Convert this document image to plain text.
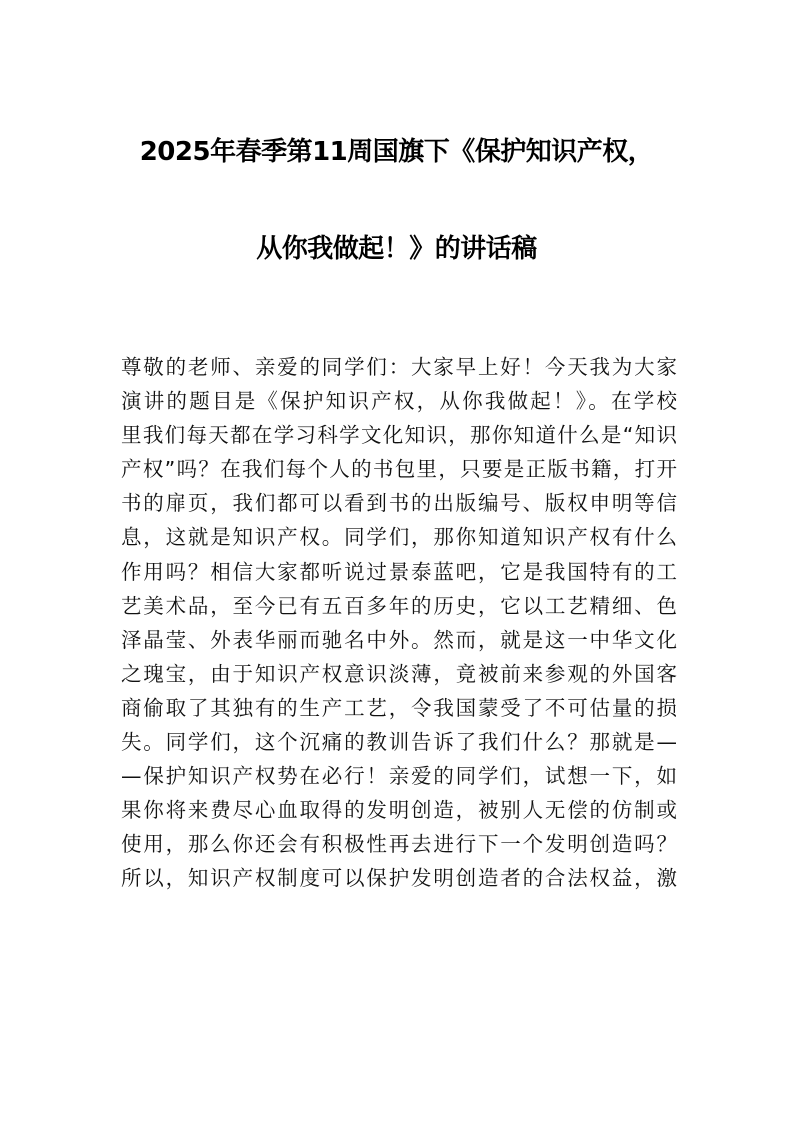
2025年春季第11周国旗下《保护知识产权，
从你我做起！》的讲话稿
尊敬的老师、亲爱的同学们：大家早上好！今天我为大家
演讲的题目是《保护知识产权，从你我做起！》。在学校
里我们每天都在学习科学文化知识，那你知道什么是“知识
产权”吗？在我们每个人的书包里，只要是正版书籍，打开
书的扉页，我们都可以看到书的出版编号、版权申明等信
息，这就是知识产权。同学们，那你知道知识产权有什么
作用吗？相信大家都听说过景泰蓝吧，它是我国特有的工
艺美术品，至今已有五百多年的历史，它以工艺精细、色
泽晶莹、外表华丽而驰名中外。然而，就是这一中华文化
之瑰宝，由于知识产权意识淡薄，竟被前来参观的外国客
商偷取了其独有的生产工艺，令我国蒙受了不可估量的损
失。同学们，这个沉痛的教训告诉了我们什么？那就是—
—保护知识产权势在必行！亲爱的同学们，试想一下，如
果你将来费尽心血取得的发明创造，被别人无偿的仿制或
使用，那么你还会有积极性再去进行下一个发明创造吗？
所以，知识产权制度可以保护发明创造者的合法权益，激
